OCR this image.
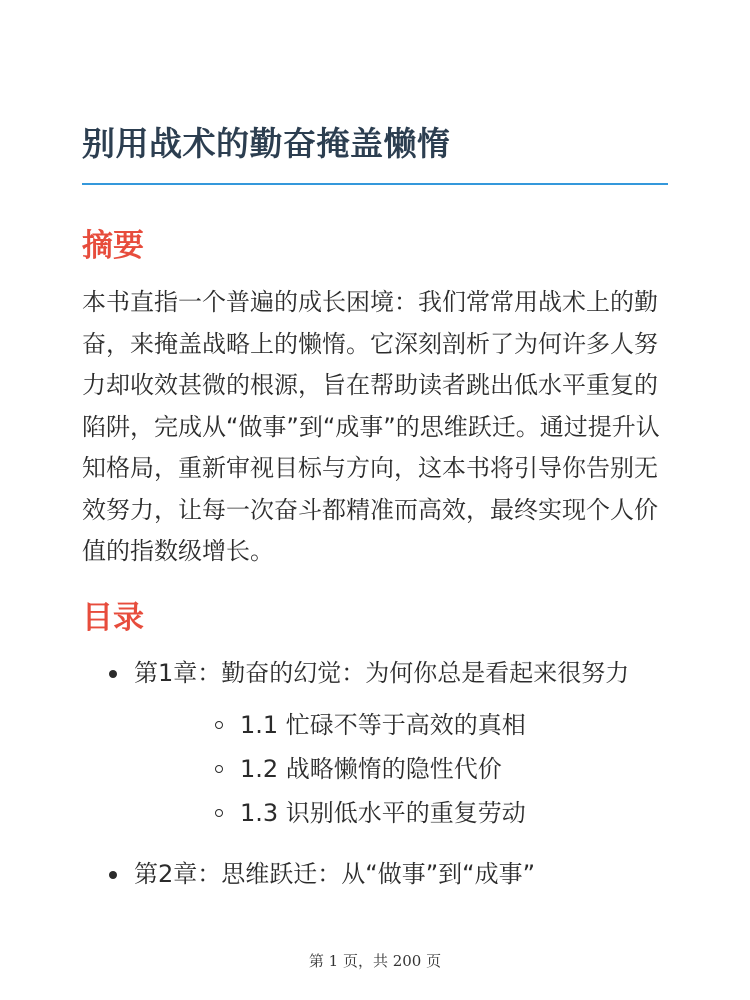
别用战术的勤奋掩盖懒惰
摘要

本书直指一个普遍的成长困境：我们常常用战术上的勤奋，来掩盖战略上的懒惰。它深刻剖析了为何许多人努力却收效甚微的根源，旨在帮助读者跳出低水平重复的陷阱，完成从“做事”到“成事”的思维跃迁。通过提升认知格局，重新审视目标与方向，这本书将引导你告别无效努力，让每一次奋斗都精准而高效，最终实现个人价值的指数级增长。

目录
第1章：勤奋的幻觉：为何你总是看起来很努力
1.1 忙碌不等于高效的真相
1.2 战略懒惰的隐性代价
1.3 识别低水平的重复劳动
第2章：思维跃迁：从“做事”到“成事”
第 1 页，共 200 页
